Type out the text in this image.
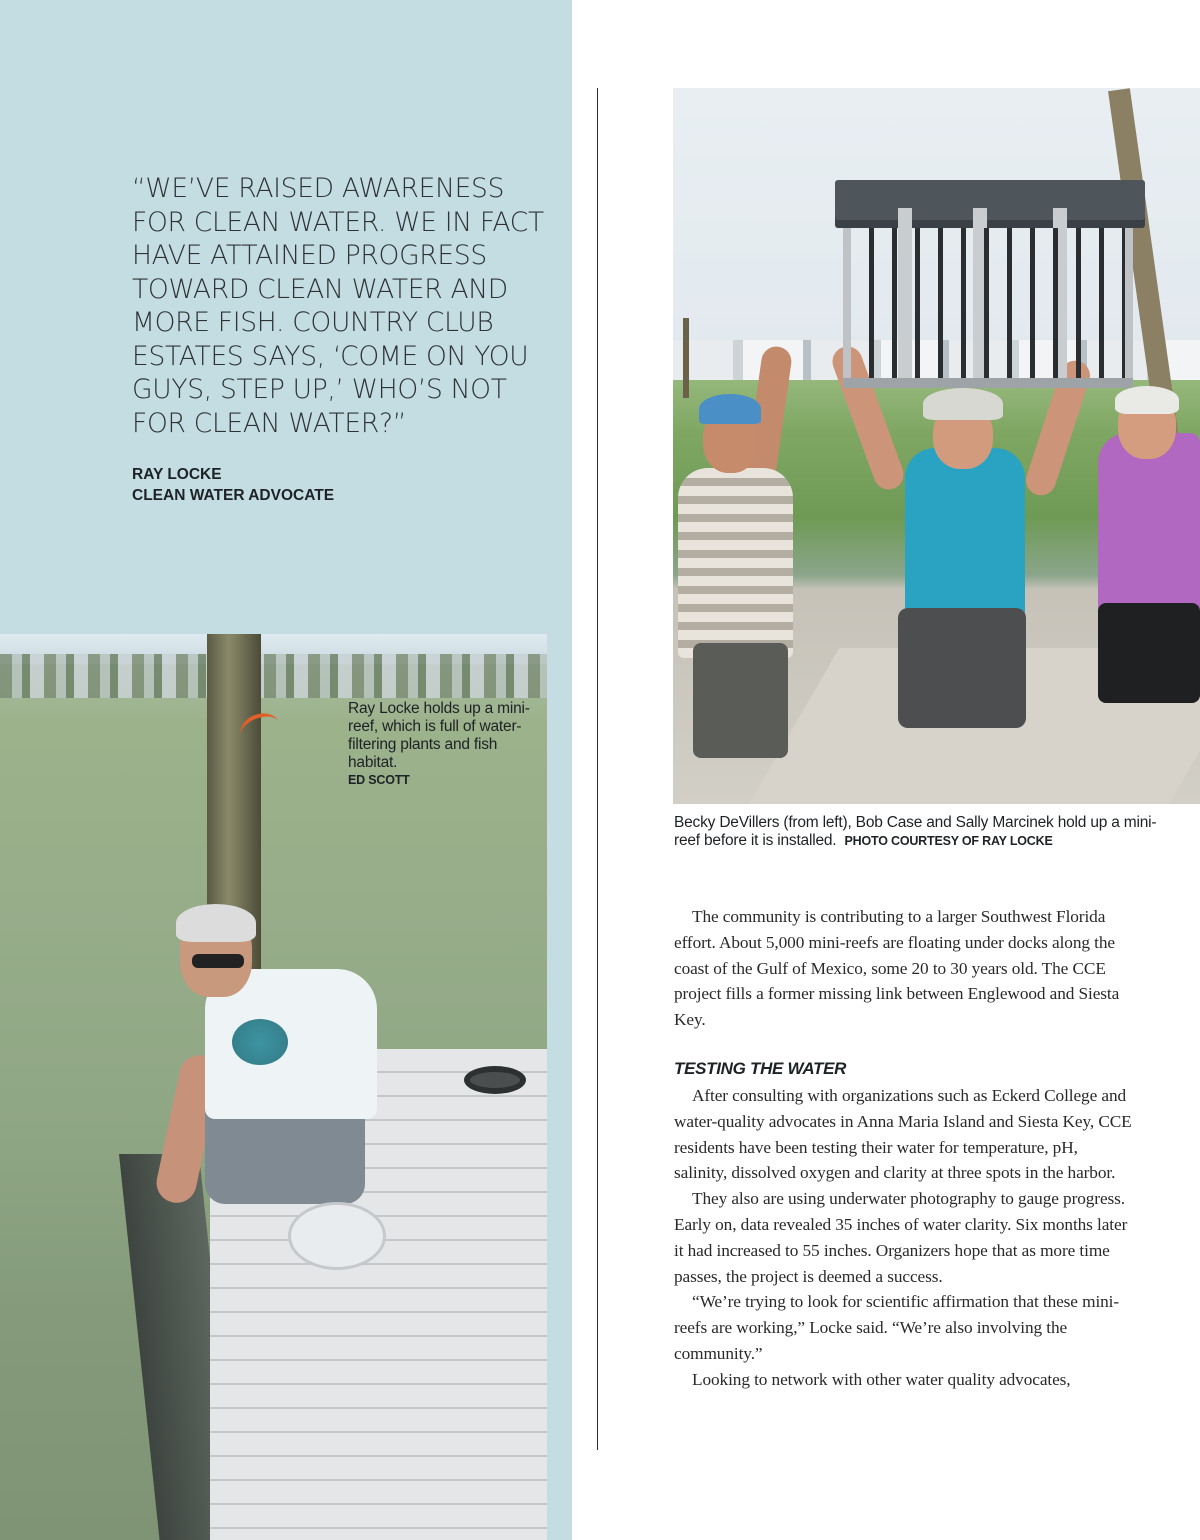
“WE’VE RAISED AWARENESS
FOR CLEAN WATER. WE IN FACT
HAVE ATTAINED PROGRESS
TOWARD CLEAN WATER AND
MORE FISH. COUNTRY CLUB
ESTATES SAYS, ‘COME ON YOU
GUYS, STEP UP,’ WHO’S NOT
FOR CLEAN WATER?”
RAY LOCKE
CLEAN WATER ADVOCATE
Ray Locke holds up a mini-reef, which is full of water-filtering plants and fish habitat.
ED SCOTT
Becky DeVillers (from left), Bob Case and Sally Marcinek hold up a mini-reef before it is installed. PHOTO COURTESY OF RAY LOCKE

The community is contributing to a larger Southwest Florida effort. About 5,000 mini-reefs are floating under docks along the coast of the Gulf of Mexico, some 20 to 30 years old. The CCE project fills a former missing link between Englewood and Siesta Key.

TESTING THE WATER

After consulting with organizations such as Eckerd College and water-quality advocates in Anna Maria Island and Siesta Key, CCE residents have been testing their water for temperature, pH, salinity, dissolved oxygen and clarity at three spots in the harbor.

They also are using underwater photography to gauge progress. Early on, data revealed 35 inches of water clarity. Six months later it had increased to 55 inches. Organizers hope that as more time passes, the project is deemed a success.

“We’re trying to look for scientific affirmation that these mini-reefs are working,” Locke said. “We’re also involving the community.”

Looking to network with other water quality advocates,
